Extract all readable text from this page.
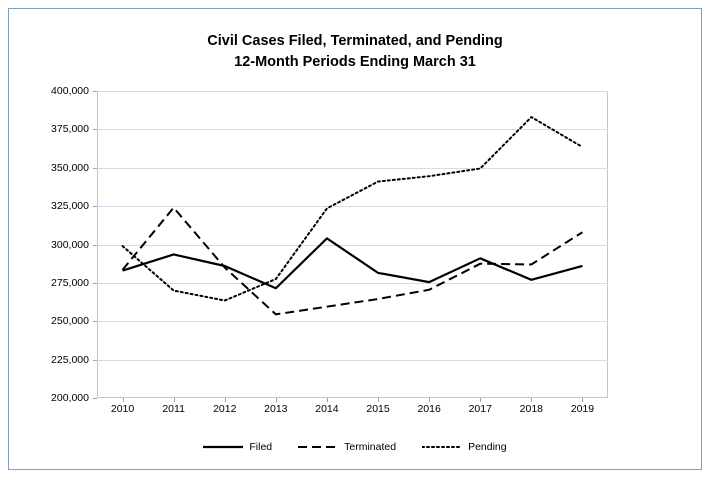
Civil Cases Filed, Terminated, and Pending
12-Month Periods Ending March 31
200,000
225,000
250,000
275,000
300,000
325,000
350,000
375,000
400,000
2010	2011	2012	2013	2014	2015	2016	2017	2018	2019
Filed	Terminated	Pending
